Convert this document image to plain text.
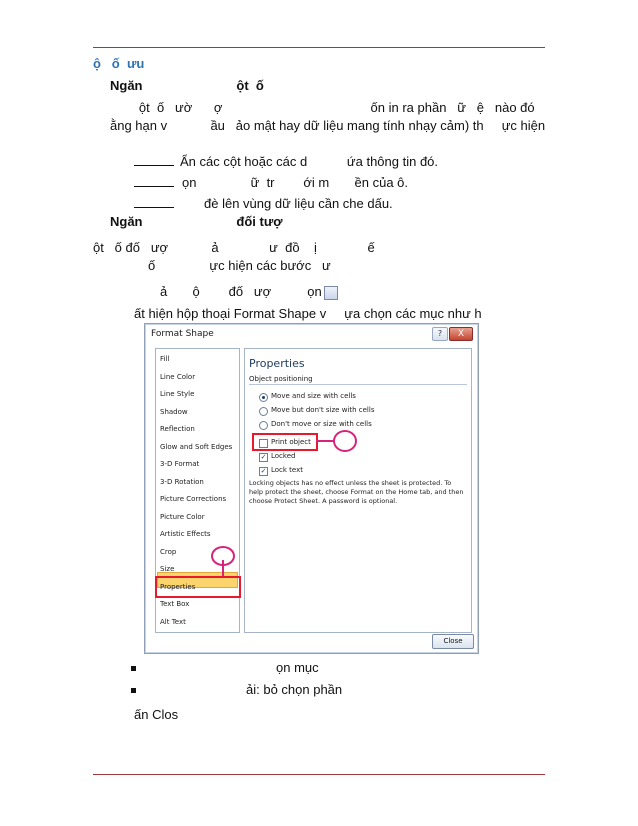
ộ   ố  ưu
Ngăn                          ột  ố
ột  ố   ườ      ợ                                         ốn in ra phần   ữ   ệ   nào đó
ằng hạn v            ầu   ảo mật hay dữ liệu mang tính nhạy cảm) th     ực hiện
Ẩn các cột hoặc các d           ứa thông tin đó.
ọn               ữ  tr        ới m       ền của ô.
đè lên vùng dữ liệu cần che dấu.
Ngăn                          đối tượ
ột   ố đố   ượ            ả              ư  đồ    ị              ế
ố               ực hiện các bước   ư
ả       ộ        đố   ượ          ọn
ất hiện hộp thoại Format Shape v     ựa chọn các mục như h
Format Shape	?	X
Fill
Line Color
Line Style
Shadow
Reflection
Glow and Soft Edges
3-D Format
3-D Rotation
Picture Corrections
Picture Color
Artistic Effects
Crop
Size
Properties
Text Box
Alt Text
Properties
Object positioning
Move and size with cells
Move but don't size with cells
Don't move or size with cells
Print object
✓ Locked
✓ Lock text
Locking objects has no effect unless the sheet is protected. To help protect the sheet, choose Format on the Home tab, and then choose Protect Sheet. A password is optional.
Close
ọn mục
ải: bỏ chọn phần
ấn Clos
